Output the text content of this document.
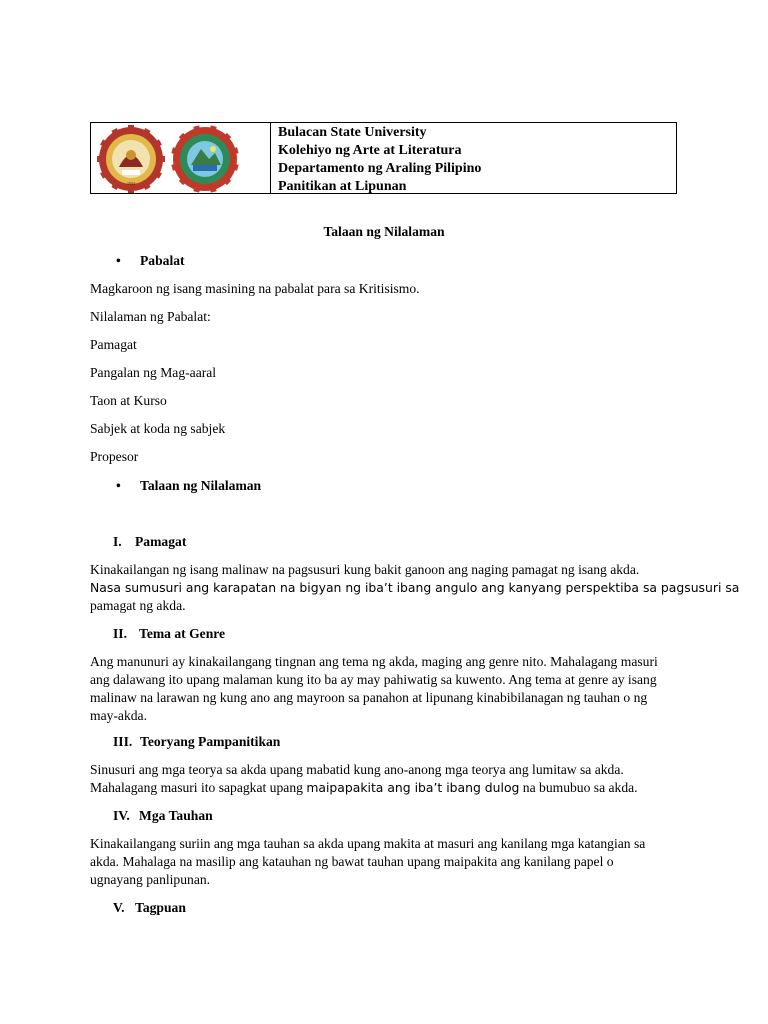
1904
Bulacan State University
Kolehiyo ng Arte at Literatura
Departamento ng Araling Pilipino
Panitikan at Lipunan
Talaan ng Nilalaman
• Pabalat
Magkaroon ng isang masining na pabalat para sa Kritisismo.
Nilalaman ng Pabalat:
Pamagat
Pangalan ng Mag-aaral
Taon at Kurso
Sabjek at koda ng sabjek
Propesor
• Talaan ng Nilalaman
I. Pamagat
Kinakailangan ng isang malinaw na pagsusuri kung bakit ganoon ang naging pamagat ng isang akda.
Nasa sumusuri ang karapatan na bigyan ng iba’t ibang angulo ang kanyang perspektiba sa pagsusuri sa
pamagat ng akda.
II. Tema at Genre
Ang manunuri ay kinakailangang tingnan ang tema ng akda, maging ang genre nito. Mahalagang masuri
ang dalawang ito upang malaman kung ito ba ay may pahiwatig sa kuwento. Ang tema at genre ay isang
malinaw na larawan ng kung ano ang mayroon sa panahon at lipunang kinabibilanagan ng tauhan o ng
may-akda.
III. Teoryang Pampanitikan
Sinusuri ang mga teorya sa akda upang mabatid kung ano-anong mga teorya ang lumitaw sa akda.
Mahalagang masuri ito sapagkat upang maipapakita ang iba’t ibang dulog na bumubuo sa akda.
IV. Mga Tauhan
Kinakailangang suriin ang mga tauhan sa akda upang makita at masuri ang kanilang mga katangian sa
akda. Mahalaga na masilip ang katauhan ng bawat tauhan upang maipakita ang kanilang papel o
ugnayang panlipunan.
V. Tagpuan
